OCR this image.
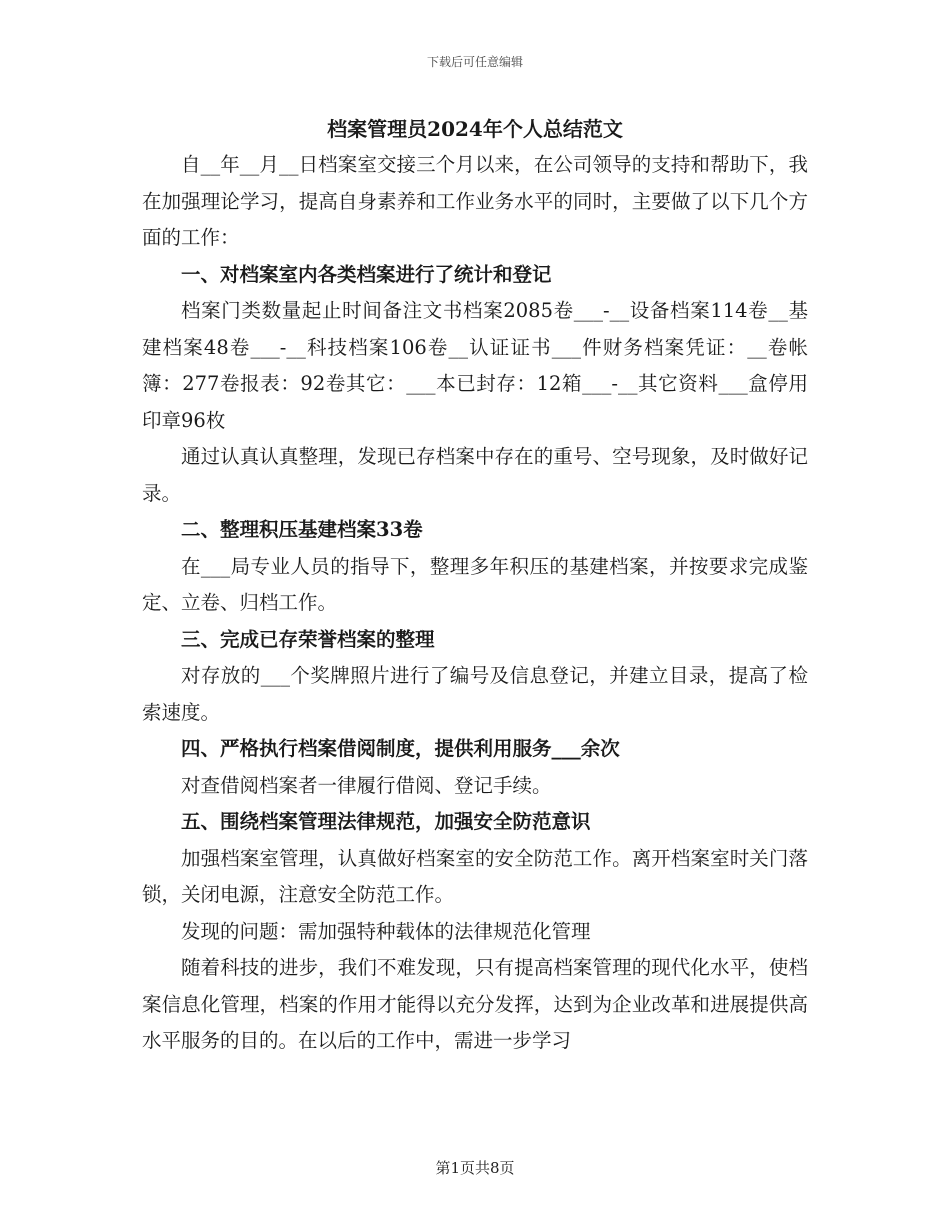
下载后可任意编辑
档案管理员2024年个人总结范文

自__年__月__日档案室交接三个月以来，在公司领导的支持和帮助下，我在加强理论学习，提高自身素养和工作业务水平的同时，主要做了以下几个方面的工作：

一、对档案室内各类档案进行了统计和登记

档案门类数量起止时间备注文书档案2085卷___-__设备档案114卷__基建档案48卷___-__科技档案106卷__认证证书___件财务档案凭证：__卷帐簿：277卷报表：92卷其它：___本已封存：12箱___-__其它资料___盒停用印章96枚

通过认真认真整理，发现已存档案中存在的重号、空号现象，及时做好记录。

二、整理积压基建档案33卷

在___局专业人员的指导下，整理多年积压的基建档案，并按要求完成鉴定、立卷、归档工作。

三、完成已存荣誉档案的整理

对存放的___个奖牌照片进行了编号及信息登记，并建立目录，提高了检索速度。

四、严格执行档案借阅制度，提供利用服务___余次

对查借阅档案者一律履行借阅、登记手续。

五、围绕档案管理法律规范，加强安全防范意识

加强档案室管理，认真做好档案室的安全防范工作。离开档案室时关门落锁，关闭电源，注意安全防范工作。

发现的问题：需加强特种载体的法律规范化管理

随着科技的进步，我们不难发现，只有提高档案管理的现代化水平，使档案信息化管理，档案的作用才能得以充分发挥，达到为企业改革和进展提供高水平服务的目的。在以后的工作中，需进一步学习

第1页共8页
